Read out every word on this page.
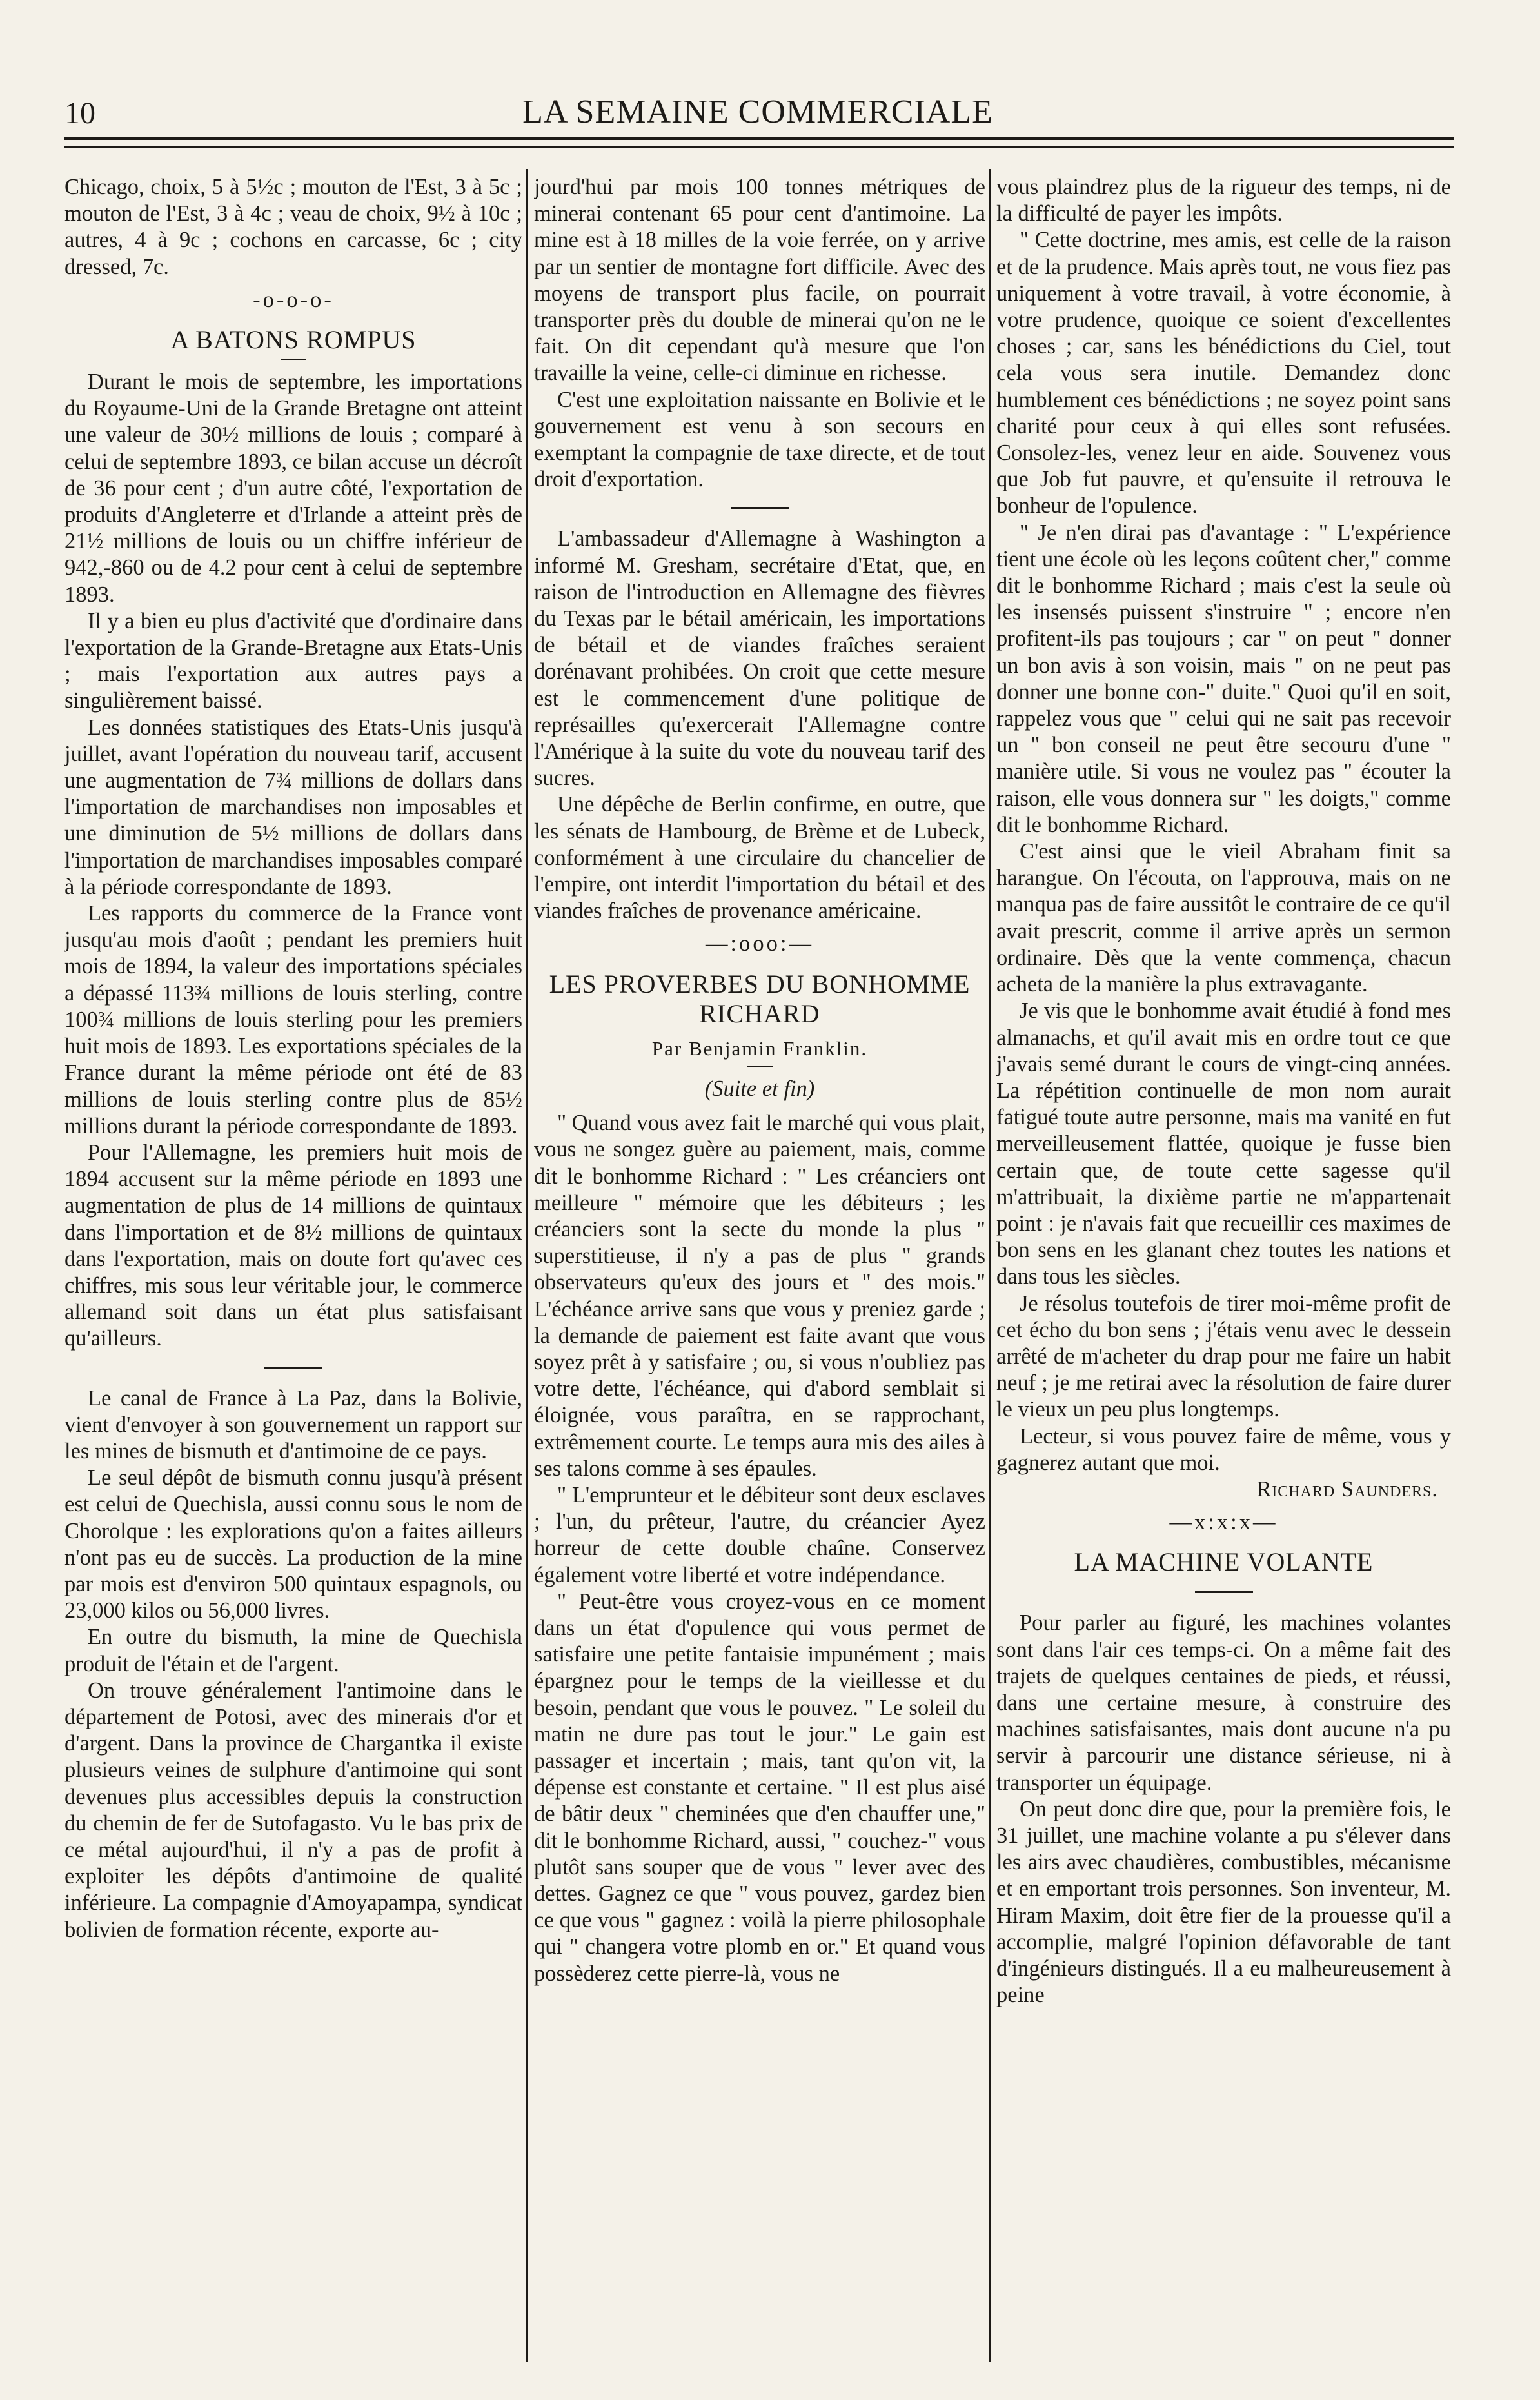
10	LA SEMAINE COMMERCIALE

Chicago, choix, 5 à 5½c ; mouton de l'Est, 3 à 5c ; mouton de l'Est, 3 à 4c ; veau de choix, 9½ à 10c ; autres, 4 à 9c ; cochons en carcasse, 6c ; city dressed, 7c.

-o-o-o-
A BATONS ROMPUS

Durant le mois de septembre, les importations du Royaume-Uni de la Grande Bretagne ont atteint une valeur de 30½ millions de louis ; comparé à celui de septembre 1893, ce bilan accuse un décroît de 36 pour cent ; d'un autre côté, l'exportation de produits d'Angleterre et d'Irlande a atteint près de 21½ millions de louis ou un chiffre inférieur de 942,-860 ou de 4.2 pour cent à celui de septembre 1893.

Il y a bien eu plus d'activité que d'ordinaire dans l'exportation de la Grande-Bretagne aux Etats-Unis ; mais l'exportation aux autres pays a singulièrement baissé.

Les données statistiques des Etats-Unis jusqu'à juillet, avant l'opération du nouveau tarif, accusent une augmentation de 7¾ millions de dollars dans l'importation de marchandises non imposables et une diminution de 5½ millions de dollars dans l'importation de marchandises imposables comparé à la période correspondante de 1893.

Les rapports du commerce de la France vont jusqu'au mois d'août ; pendant les premiers huit mois de 1894, la valeur des importations spéciales a dépassé 113¾ millions de louis sterling, contre 100¾ millions de louis sterling pour les premiers huit mois de 1893. Les exportations spéciales de la France durant la même période ont été de 83 millions de louis sterling contre plus de 85½ millions durant la période correspondante de 1893.

Pour l'Allemagne, les premiers huit mois de 1894 accusent sur la même période en 1893 une augmentation de plus de 14 millions de quintaux dans l'importation et de 8½ millions de quintaux dans l'exportation, mais on doute fort qu'avec ces chiffres, mis sous leur véritable jour, le commerce allemand soit dans un état plus satisfaisant qu'ailleurs.

Le canal de France à La Paz, dans la Bolivie, vient d'envoyer à son gouvernement un rapport sur les mines de bismuth et d'antimoine de ce pays.

Le seul dépôt de bismuth connu jusqu'à présent est celui de Quechisla, aussi connu sous le nom de Chorolque : les explorations qu'on a faites ailleurs n'ont pas eu de succès. La production de la mine par mois est d'environ 500 quintaux espagnols, ou 23,000 kilos ou 56,000 livres.

En outre du bismuth, la mine de Quechisla produit de l'étain et de l'argent.

On trouve généralement l'antimoine dans le département de Potosi, avec des minerais d'or et d'argent. Dans la province de Chargantka il existe plusieurs veines de sulphure d'antimoine qui sont devenues plus accessibles depuis la construction du chemin de fer de Sutofagasto. Vu le bas prix de ce métal aujourd'hui, il n'y a pas de profit à exploiter les dépôts d'antimoine de qualité inférieure. La compagnie d'Amoyapampa, syndicat bolivien de formation récente, exporte au-

jourd'hui par mois 100 tonnes métriques de minerai contenant 65 pour cent d'antimoine. La mine est à 18 milles de la voie ferrée, on y arrive par un sentier de montagne fort difficile. Avec des moyens de transport plus facile, on pourrait transporter près du double de minerai qu'on ne le fait. On dit cependant qu'à mesure que l'on travaille la veine, celle-ci diminue en richesse.

C'est une exploitation naissante en Bolivie et le gouvernement est venu à son secours en exemptant la compagnie de taxe directe, et de tout droit d'exportation.

L'ambassadeur d'Allemagne à Washington a informé M. Gresham, secrétaire d'Etat, que, en raison de l'introduction en Allemagne des fièvres du Texas par le bétail américain, les importations de bétail et de viandes fraîches seraient dorénavant prohibées. On croit que cette mesure est le commencement d'une politique de représailles qu'exercerait l'Allemagne contre l'Amérique à la suite du vote du nouveau tarif des sucres.

Une dépêche de Berlin confirme, en outre, que les sénats de Hambourg, de Brème et de Lubeck, conformément à une circulaire du chancelier de l'empire, ont interdit l'importation du bétail et des viandes fraîches de provenance américaine.

—:ooo:—
LES PROVERBES DU BONHOMME RICHARD
Par Benjamin Franklin.
(Suite et fin)

" Quand vous avez fait le marché qui vous plait, vous ne songez guère au paiement, mais, comme dit le bonhomme Richard : " Les créanciers ont meilleure " mémoire que les débiteurs ; les créanciers sont la secte du monde la plus " superstitieuse, il n'y a pas de plus " grands observateurs qu'eux des jours et " des mois." L'échéance arrive sans que vous y preniez garde ; la demande de paiement est faite avant que vous soyez prêt à y satisfaire ; ou, si vous n'oubliez pas votre dette, l'échéance, qui d'abord semblait si éloignée, vous paraîtra, en se rapprochant, extrêmement courte. Le temps aura mis des ailes à ses talons comme à ses épaules.

" L'emprunteur et le débiteur sont deux esclaves ; l'un, du prêteur, l'autre, du créancier Ayez horreur de cette double chaîne. Conservez également votre liberté et votre indépendance.

" Peut-être vous croyez-vous en ce moment dans un état d'opulence qui vous permet de satisfaire une petite fantaisie impunément ; mais épargnez pour le temps de la vieillesse et du besoin, pendant que vous le pouvez. " Le soleil du matin ne dure pas tout le jour." Le gain est passager et incertain ; mais, tant qu'on vit, la dépense est constante et certaine. " Il est plus aisé de bâtir deux " cheminées que d'en chauffer une," dit le bonhomme Richard, aussi, " couchez-" vous plutôt sans souper que de vous " lever avec des dettes. Gagnez ce que " vous pouvez, gardez bien ce que vous " gagnez : voilà la pierre philosophale qui " changera votre plomb en or." Et quand vous possèderez cette pierre-là, vous ne

vous plaindrez plus de la rigueur des temps, ni de la difficulté de payer les impôts.

" Cette doctrine, mes amis, est celle de la raison et de la prudence. Mais après tout, ne vous fiez pas uniquement à votre travail, à votre économie, à votre prudence, quoique ce soient d'excellentes choses ; car, sans les bénédictions du Ciel, tout cela vous sera inutile. Demandez donc humblement ces bénédictions ; ne soyez point sans charité pour ceux à qui elles sont refusées. Consolez-les, venez leur en aide. Souvenez vous que Job fut pauvre, et qu'ensuite il retrouva le bonheur de l'opulence.

" Je n'en dirai pas d'avantage : " L'expérience tient une école où les leçons coûtent cher," comme dit le bonhomme Richard ; mais c'est la seule où les insensés puissent s'instruire " ; encore n'en profitent-ils pas toujours ; car " on peut " donner un bon avis à son voisin, mais " on ne peut pas donner une bonne con-" duite." Quoi qu'il en soit, rappelez vous que " celui qui ne sait pas recevoir un " bon conseil ne peut être secouru d'une " manière utile. Si vous ne voulez pas " écouter la raison, elle vous donnera sur " les doigts," comme dit le bonhomme Richard.

C'est ainsi que le vieil Abraham finit sa harangue. On l'écouta, on l'approuva, mais on ne manqua pas de faire aussitôt le contraire de ce qu'il avait prescrit, comme il arrive après un sermon ordinaire. Dès que la vente commença, chacun acheta de la manière la plus extravagante.

Je vis que le bonhomme avait étudié à fond mes almanachs, et qu'il avait mis en ordre tout ce que j'avais semé durant le cours de vingt-cinq années. La répétition continuelle de mon nom aurait fatigué toute autre personne, mais ma vanité en fut merveilleusement flattée, quoique je fusse bien certain que, de toute cette sagesse qu'il m'attribuait, la dixième partie ne m'appartenait point : je n'avais fait que recueillir ces maximes de bon sens en les glanant chez toutes les nations et dans tous les siècles.

Je résolus toutefois de tirer moi-même profit de cet écho du bon sens ; j'étais venu avec le dessein arrêté de m'acheter du drap pour me faire un habit neuf ; je me retirai avec la résolution de faire durer le vieux un peu plus longtemps.

Lecteur, si vous pouvez faire de même, vous y gagnerez autant que moi.

Richard Saunders.
—x:x:x—
LA MACHINE VOLANTE

Pour parler au figuré, les machines volantes sont dans l'air ces temps-ci. On a même fait des trajets de quelques centaines de pieds, et réussi, dans une certaine mesure, à construire des machines satisfaisantes, mais dont aucune n'a pu servir à parcourir une distance sérieuse, ni à transporter un équipage.

On peut donc dire que, pour la première fois, le 31 juillet, une machine volante a pu s'élever dans les airs avec chaudières, combustibles, mécanisme et en emportant trois personnes. Son inventeur, M. Hiram Maxim, doit être fier de la prouesse qu'il a accomplie, malgré l'opinion défavorable de tant d'ingénieurs distingués. Il a eu malheureusement à peine
